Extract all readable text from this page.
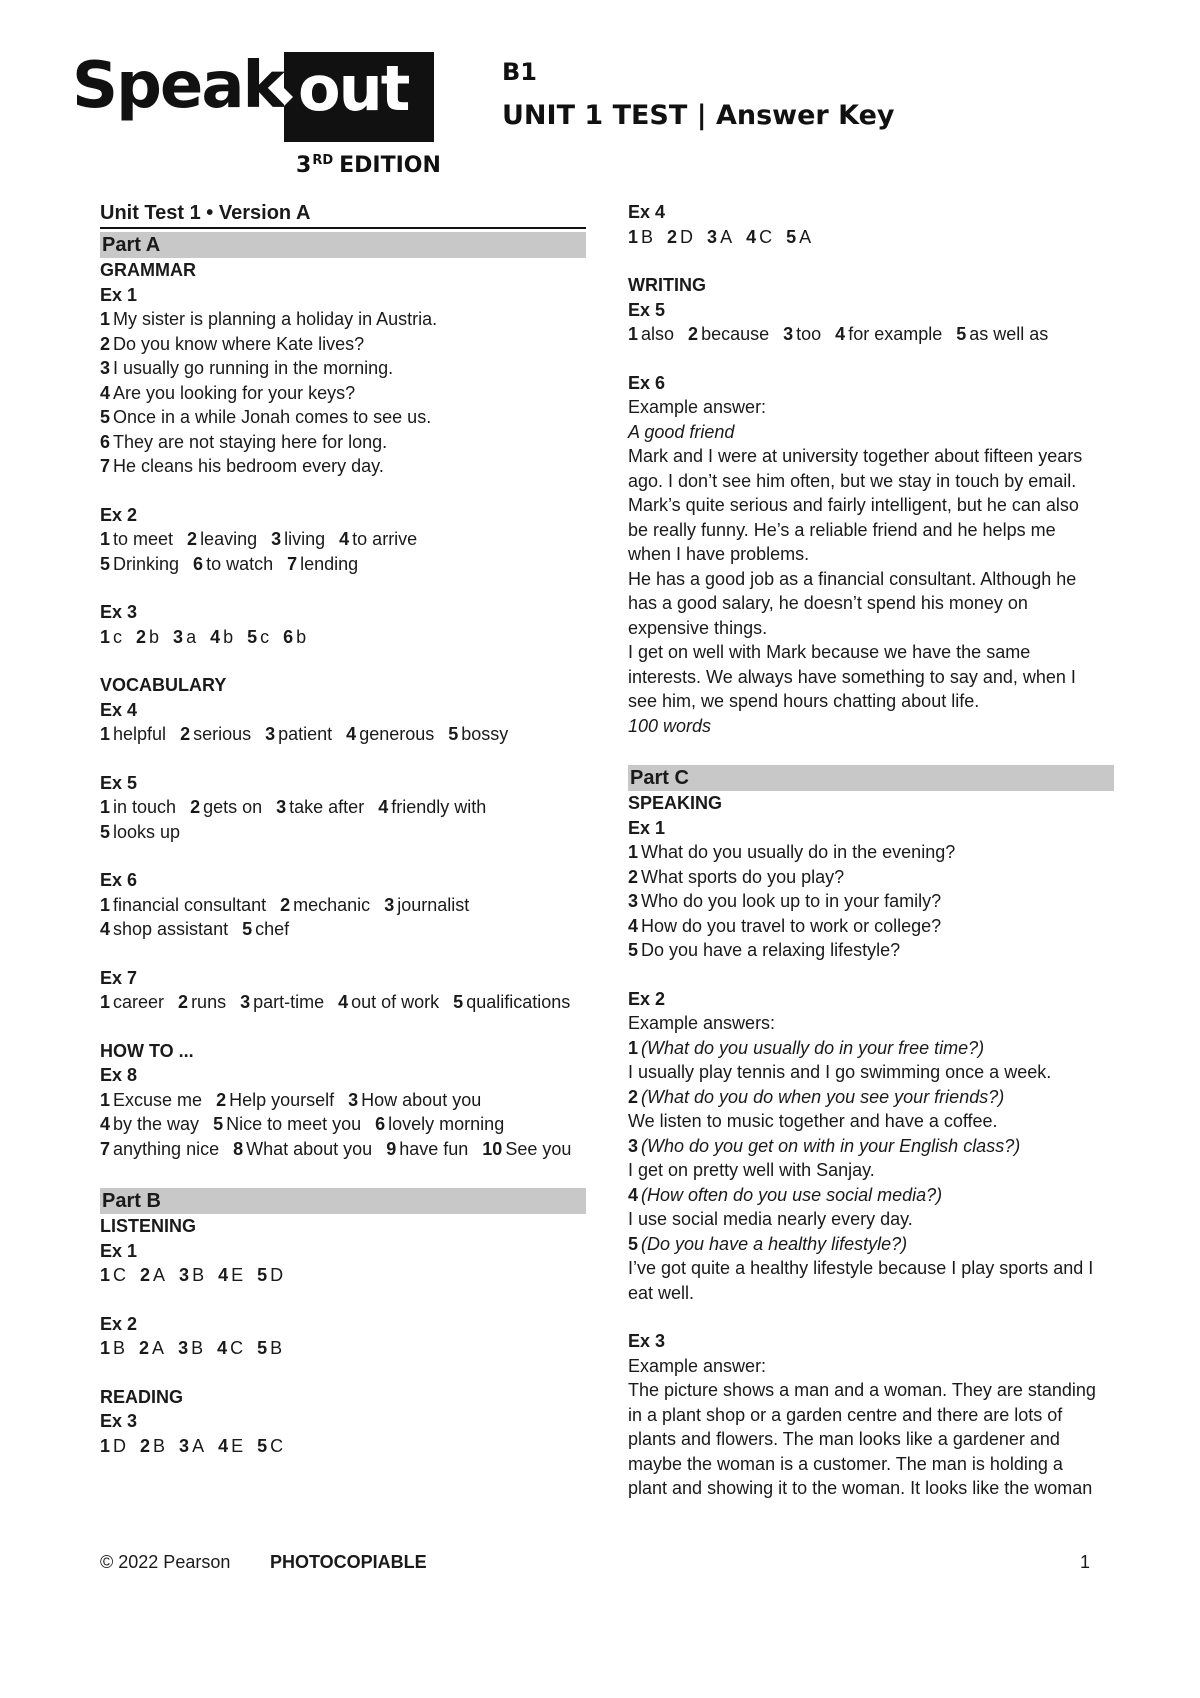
Speak out
3RD EDITION
B1
UNIT 1 TEST | Answer Key
Unit Test 1 • Version A
Part A
GRAMMAR
Ex 1
1 My sister is planning a holiday in Austria.
2 Do you know where Kate lives?
3 I usually go running in the morning.
4 Are you looking for your keys?
5 Once in a while Jonah comes to see us.
6 They are not staying here for long.
7 He cleans his bedroom every day.
Ex 2
1 to meet 2 leaving 3 living 4 to arrive
5 Drinking 6 to watch 7 lending
Ex 3
1 c 2 b 3 a 4 b 5 c 6 b
VOCABULARY
Ex 4
1 helpful 2 serious 3 patient 4 generous 5 bossy
Ex 5
1 in touch 2 gets on 3 take after 4 friendly with
5 looks up
Ex 6
1 financial consultant 2 mechanic 3 journalist
4 shop assistant 5 chef
Ex 7
1 career 2 runs 3 part-time 4 out of work 5 qualifications
HOW TO ...
Ex 8
1 Excuse me 2 Help yourself 3 How about you
4 by the way 5 Nice to meet you 6 lovely morning
7 anything nice 8 What about you 9 have fun 10 See you
Part B
LISTENING
Ex 1
1 C 2 A 3 B 4 E 5 D
Ex 2
1 B 2 A 3 B 4 C 5 B
READING
Ex 3
1 D 2 B 3 A 4 E 5 C
Ex 4
1 B 2 D 3 A 4 C 5 A
WRITING
Ex 5
1 also 2 because 3 too 4 for example 5 as well as
Ex 6
Example answer:
A good friend
Mark and I were at university together about fifteen years
ago. I don’t see him often, but we stay in touch by email.
Mark’s quite serious and fairly intelligent, but he can also
be really funny. He’s a reliable friend and he helps me
when I have problems.
He has a good job as a financial consultant. Although he
has a good salary, he doesn’t spend his money on
expensive things.
I get on well with Mark because we have the same
interests. We always have something to say and, when I
see him, we spend hours chatting about life.
100 words
Part C
SPEAKING
Ex 1
1 What do you usually do in the evening?
2 What sports do you play?
3 Who do you look up to in your family?
4 How do you travel to work or college?
5 Do you have a relaxing lifestyle?
Ex 2
Example answers:
1 (What do you usually do in your free time?)
I usually play tennis and I go swimming once a week.
2 (What do you do when you see your friends?)
We listen to music together and have a coffee.
3 (Who do you get on with in your English class?)
I get on pretty well with Sanjay.
4 (How often do you use social media?)
I use social media nearly every day.
5 (Do you have a healthy lifestyle?)
I’ve got quite a healthy lifestyle because I play sports and I
eat well.
Ex 3
Example answer:
The picture shows a man and a woman. They are standing
in a plant shop or a garden centre and there are lots of
plants and flowers. The man looks like a gardener and
maybe the woman is a customer. The man is holding a
plant and showing it to the woman. It looks like the woman
© 2022 Pearson PHOTOCOPIABLE	1
